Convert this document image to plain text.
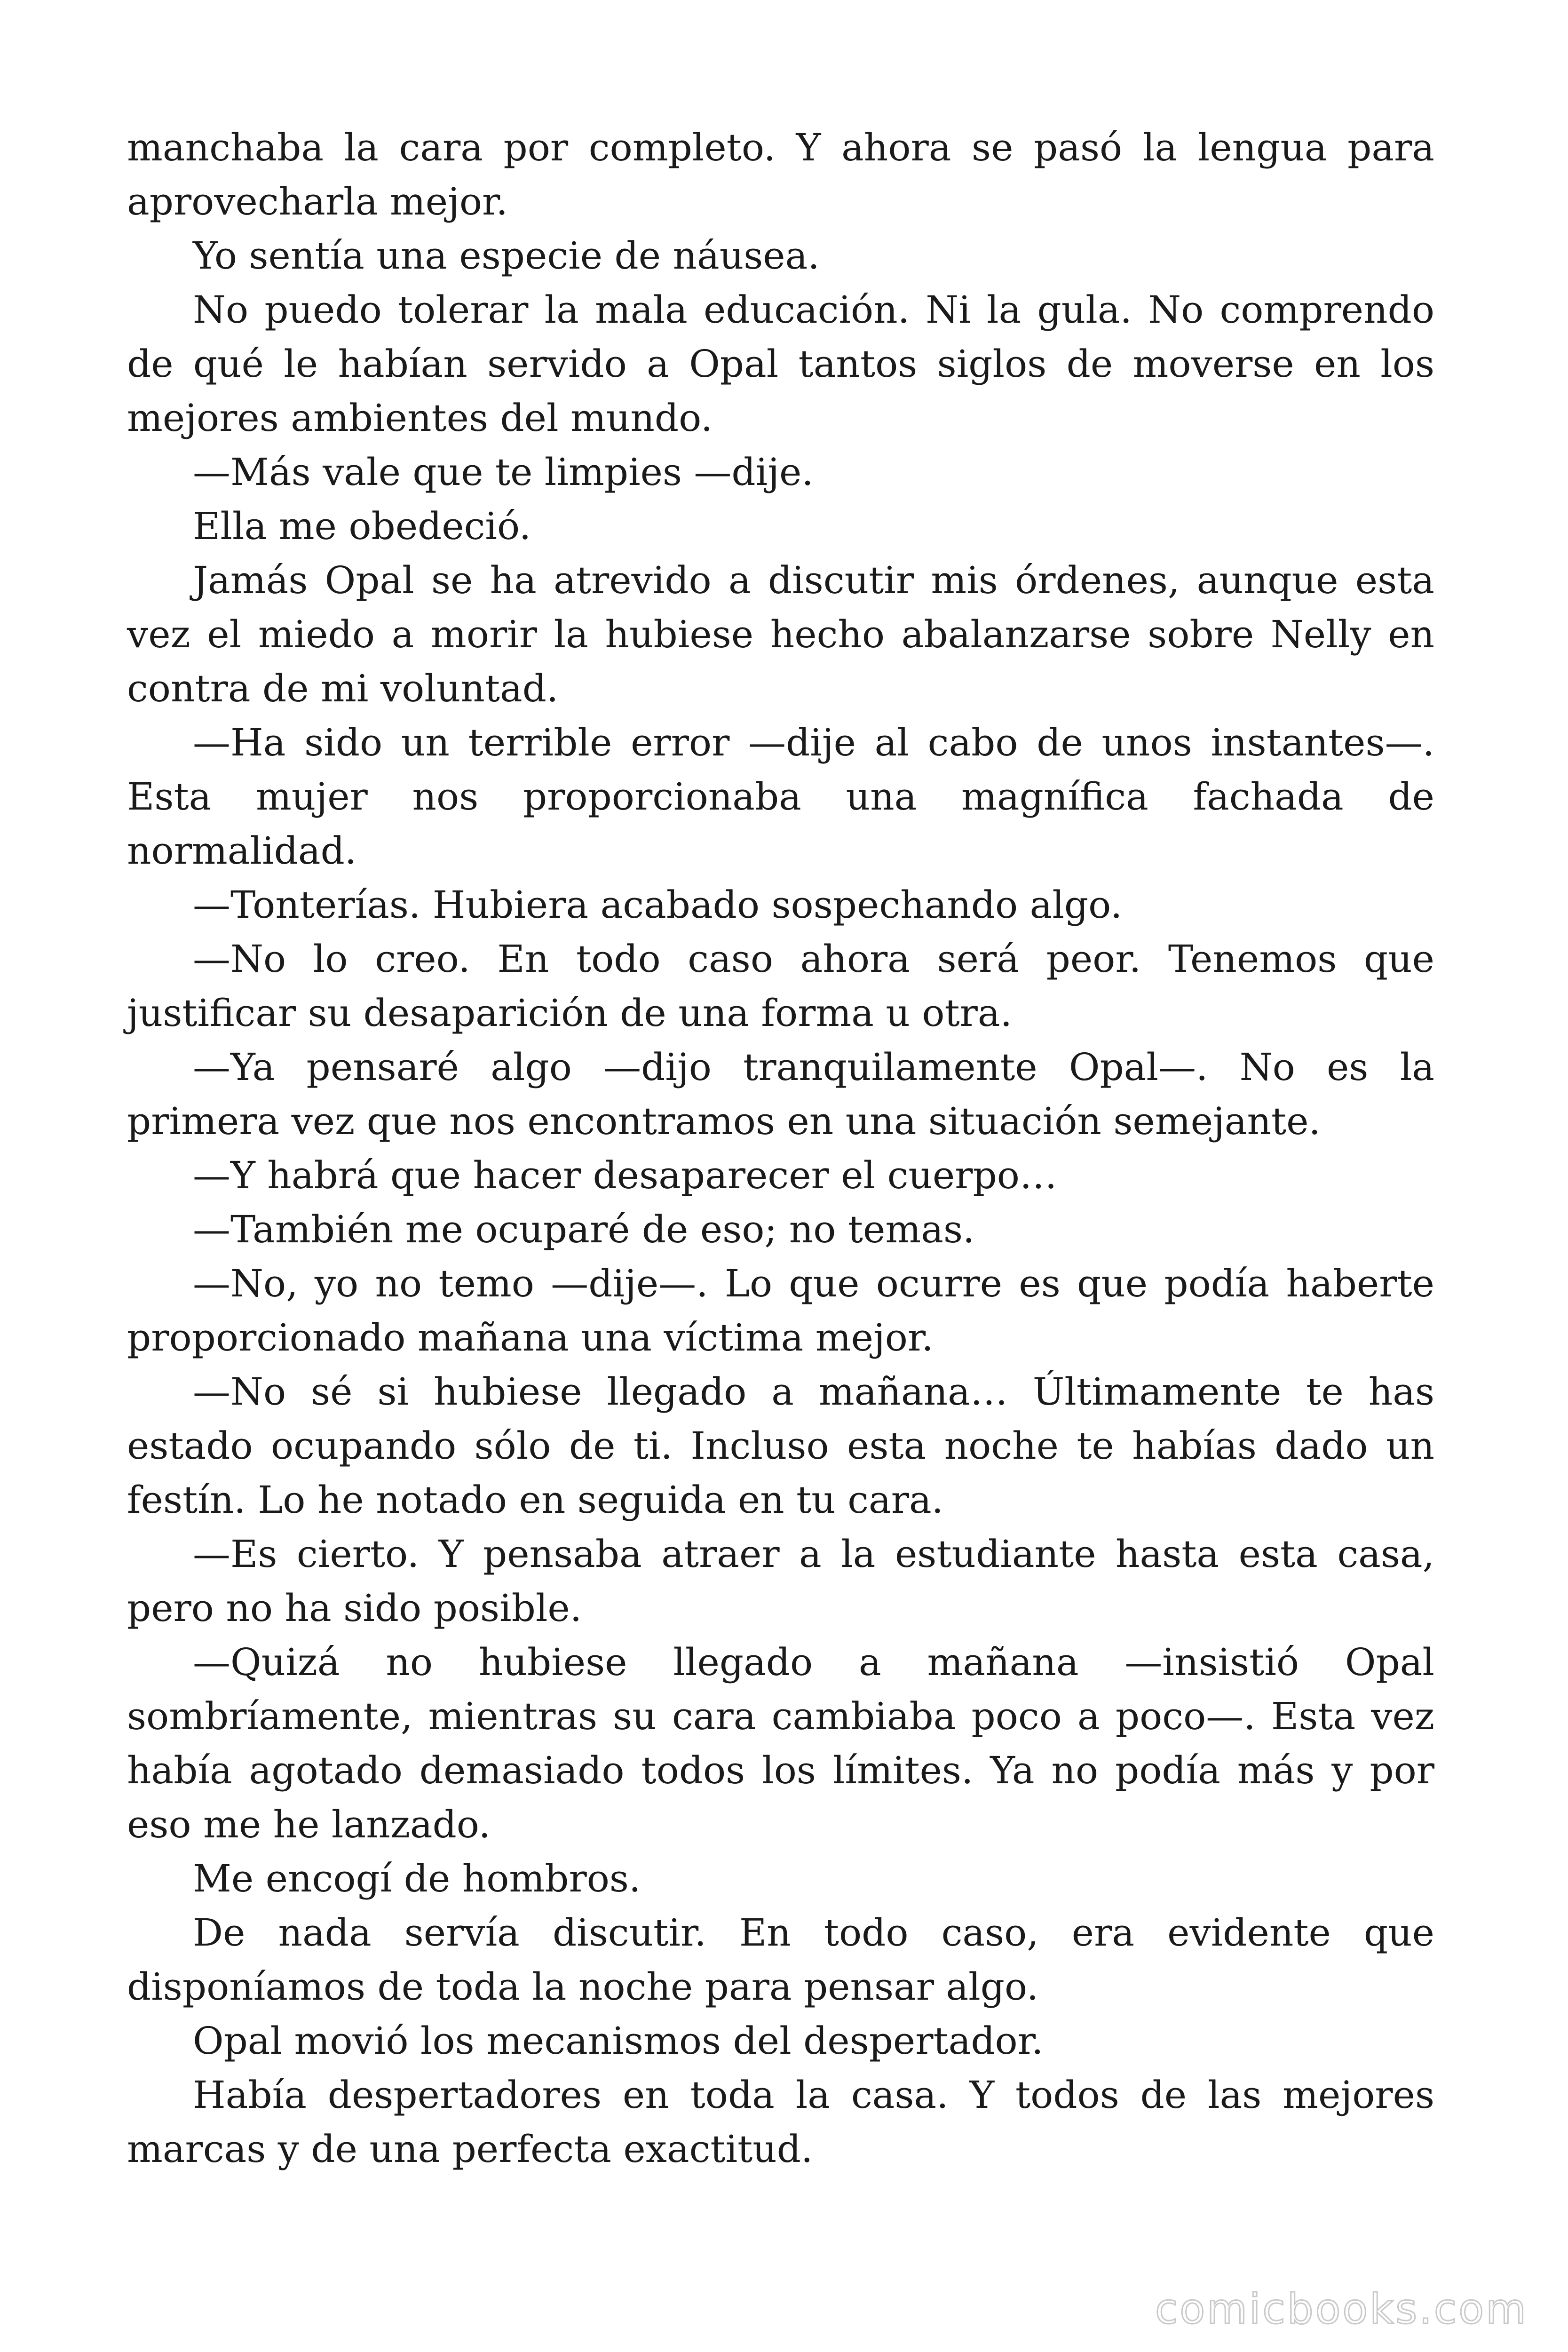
manchaba la cara por completo. Y ahora se pasó la lengua para aprovecharla mejor.

Yo sentía una especie de náusea.

No puedo tolerar la mala educación. Ni la gula. No comprendo de qué le habían servido a Opal tantos siglos de moverse en los mejores ambientes del mundo.

—Más vale que te limpies —dije.

Ella me obedeció.

Jamás Opal se ha atrevido a discutir mis órdenes, aunque esta vez el miedo a morir la hubiese hecho abalanzarse sobre Nelly en contra de mi voluntad.

—Ha sido un terrible error —dije al cabo de unos instantes—. Esta mujer nos proporcionaba una magnífica fachada de normalidad.

—Tonterías. Hubiera acabado sospechando algo.

—No lo creo. En todo caso ahora será peor. Tenemos que justificar su desaparición de una forma u otra.

—Ya pensaré algo —dijo tranquilamente Opal—. No es la primera vez que nos encontramos en una situación semejante.

—Y habrá que hacer desaparecer el cuerpo…

—También me ocuparé de eso; no temas.

—No, yo no temo —dije—. Lo que ocurre es que podía haberte proporcionado mañana una víctima mejor.

—No sé si hubiese llegado a mañana… Últimamente te has estado ocupando sólo de ti. Incluso esta noche te habías dado un festín. Lo he notado en seguida en tu cara.

—Es cierto. Y pensaba atraer a la estudiante hasta esta casa, pero no ha sido posible.

—Quizá no hubiese llegado a mañana —insistió Opal sombríamente, mientras su cara cambiaba poco a poco—. Esta vez había agotado demasiado todos los límites. Ya no podía más y por eso me he lanzado.

Me encogí de hombros.

De nada servía discutir. En todo caso, era evidente que disponíamos de toda la noche para pensar algo.

Opal movió los mecanismos del despertador.

Había despertadores en toda la casa. Y todos de las mejores marcas y de una perfecta exactitud.

comicbooks.com
